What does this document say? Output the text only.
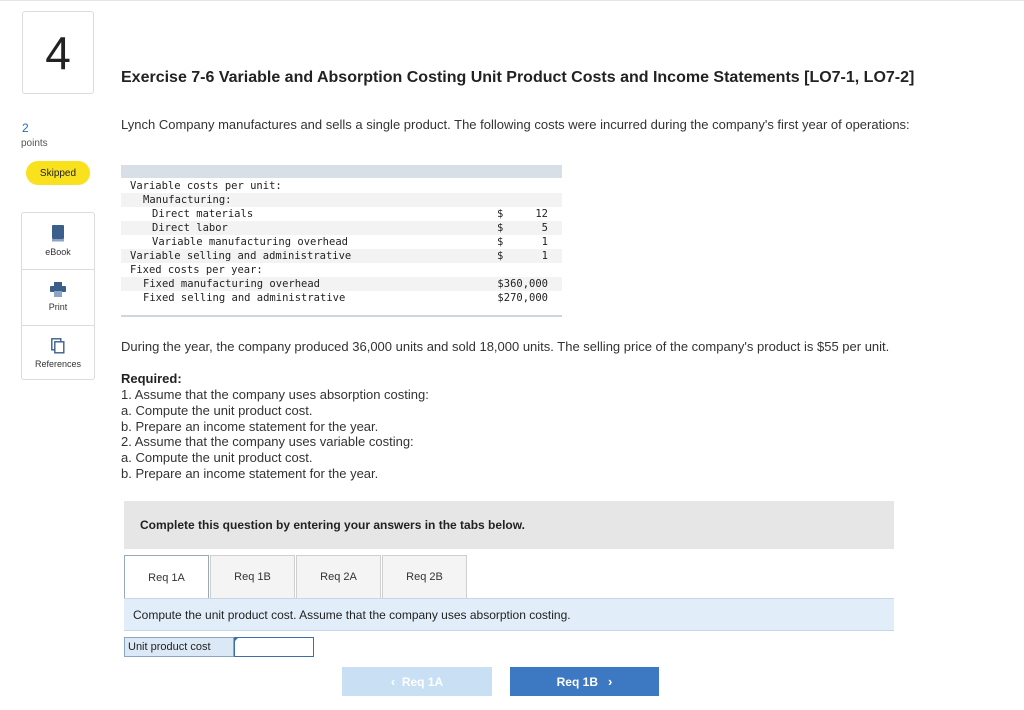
4
2
points
Skipped
eBook
Print
References
Exercise 7-6 Variable and Absorption Costing Unit Product Costs and Income Statements [LO7-1, LO7-2]
Lynch Company manufactures and sells a single product. The following costs were incurred during the company's first year of operations:
Variable costs per unit:
Manufacturing:
Direct materials	$	12
Direct labor	$	5
Variable manufacturing overhead	$	1
Variable selling and administrative	$	1
Fixed costs per year:
Fixed manufacturing overhead	$360,000
Fixed selling and administrative	$270,000
During the year, the company produced 36,000 units and sold 18,000 units. The selling price of the company's product is $55 per unit.
Required:
1. Assume that the company uses absorption costing:
a. Compute the unit product cost.
b. Prepare an income statement for the year.
2. Assume that the company uses variable costing:
a. Compute the unit product cost.
b. Prepare an income statement for the year.
Complete this question by entering your answers in the tabs below.
Req 1A	Req 1B	Req 2A	Req 2B
Compute the unit product cost. Assume that the company uses absorption costing.
Unit product cost
‹
Req 1A	Req 1B
›
